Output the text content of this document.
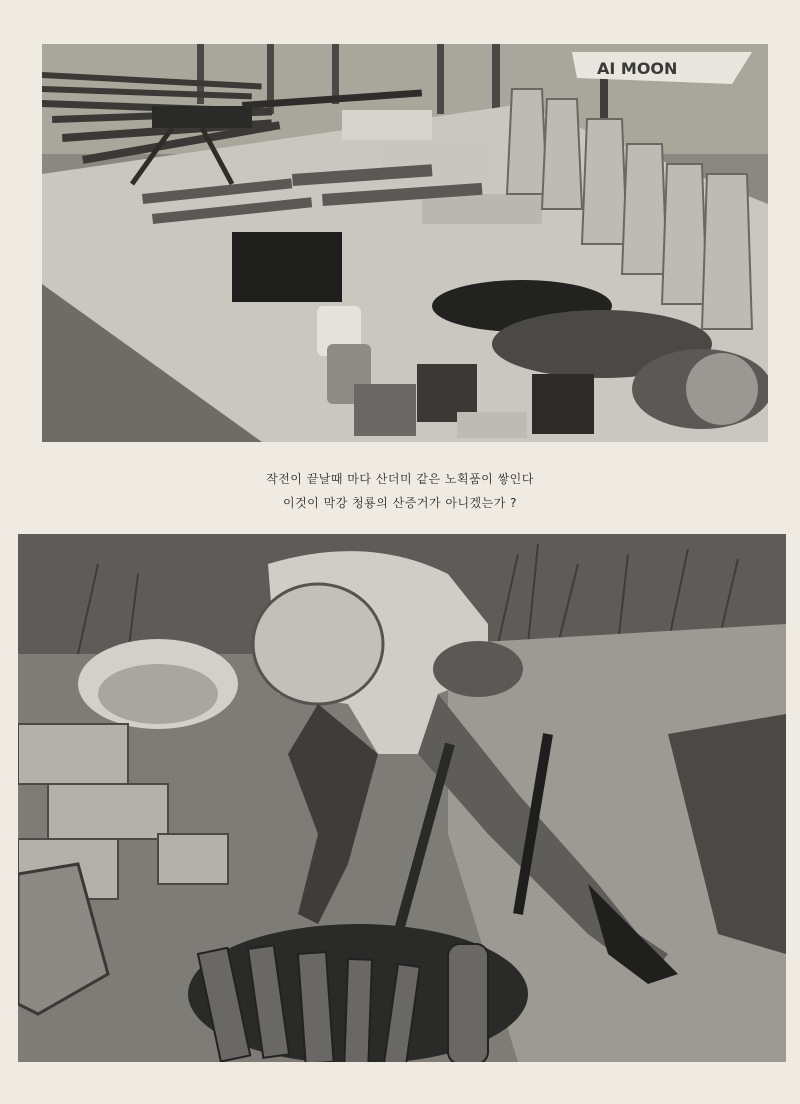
AI MOON
작전이 끝날때 마다 산더미 같은 노획품이 쌓인다
이것이 막강 청룡의 산증거가 아니겠는가 ?
